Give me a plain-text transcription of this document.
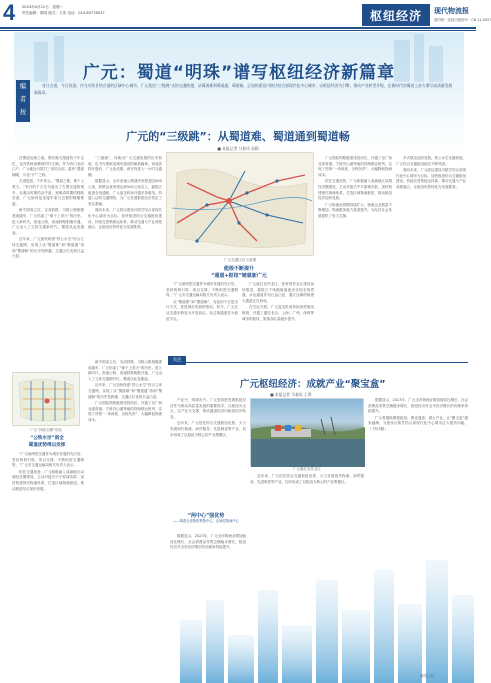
4 2024年4月21日　星期一
责任编辑：陈明 版式：王浩 电话：010-83778037	枢纽经济	现代物流报
国内统一连续出版物号：CN 11-0057
广元：蜀道“明珠”谱写枢纽经济新篇章
编
者
按
昔日古道，今日坦途。作为川陕甘结合部的区域中心城市，广元依托“三级跳”式的交通跨越，从蜀道难到蜀道通、蜀道畅，正加快建设川陕甘结合部现代化中心城市，以枢纽经济为引擎，推动产业转型升级，在新时代的蜀道上奋力谱写高质量发展新篇章。
广元的“三级跳”：从蜀道难、蜀道通到蜀道畅
■ 本报记者 马春风 孙颖

在蜀道沧桑之地，既有雄关漫道的千年记忆，也有铁轨纵横的时代交响。作为四川北向门户，广元地处川陕甘三省结合部，素有“蜀道咽喉、川北门户”之称。

古道悠悠，千年风云。“蜀道之难，难于上青天。”李白的千古名句道出了古蜀交通的艰辛。从秦汉时期的金牛道，到明清时期的驿路官道，广元始终是连接中原与巴蜀的咽喉要道。

新中国成立后，宝成铁路、川陕公路相继建成通车，广元结束了“难于上青天”的历史。进入新时代，高速公路、高速铁路相继开通，广元迈入了立体交通新时代，蜀道从此变通途。

近年来，广元加快构建“铁公水空”综合立体交通网，实现了从“蜀道难”到“蜀道通”再到“蜀道畅”的历史性跨越，交通区位优势日益凸显。

“三级跳”，勾勒出广元交通发展的历史轨迹，也书写着枢纽城市建设的崭新篇章。西成高铁开通后，广元至成都、西安均进入一小时交通圈。

数据显示，全市高速公路通车里程超过600公里，铁路运营里程达到500公里以上，嘉陵江航道全线通航，广元盘龙机场开通多条航线。四通八达的交通网络，为广元发展枢纽经济奠定了坚实基础。

面向未来，广元将以建设川陕甘结合部现代化中心城市为目标，加快推进综合交通枢纽建设，持续完善集疏运体系，推动交通与产业深度融合，让枢纽优势转化为发展胜势。

广元交通区位示意图
能级不断提升
“通道+枢纽”链就新广元

“广元始终把交通作为城市发展的先行官，坚持规划引领、项目支撑，不断织密交通网络。”广元市交通运输局相关负责人表示。

从“蜀道难”到“蜀道畅”，变化的不仅是出行方式，更是城市发展的格局。如今，广元正从交通末梢变为开放前沿，从过境通道变为枢纽节点。

广元港红岩作业区、张家坝作业区建设加快推进，嘉陵江千吨级航道逐步实现全线贯通，水运通道作用日益凸显，通江达海的物流大通道正在形成。

在空运方面，广元盘龙机场持续加密航线航班，开通了通往北京、上海、广州、深圳等城市的航线，旅客吞吐量稳步提升。

广元国际铁路港建成投用后，开通了至广西北部湾港、宁波舟山港等地的铁海联运班列，实现了货物“一单到底、全程负责”，大幅降低物流成本。

依托交通优势，广元积极融入成渝地区双城经济圈建设，主动对接关中平原城市群，加快构建现代物流体系，打造区域物流枢纽，推动枢纽经济加快发展。

广元物流业规模持续扩大，物流企业数量不断增加，物流服务能力显著提升，为经济社会发展提供了有力支撑。

多式联运加快发展，铁公水空无缝衔接，广元综合交通枢纽地位不断巩固。

面向未来，广元将以建设川陕甘结合部现代化中心城市为目标，加快推进综合交通枢纽建设，持续完善集疏运体系，推动交通与产业深度融合，让枢纽优势转化为发展胜势。

广元“四纵五横”布局
“公铁水空”俱全
蜀道优势得以发挥

“广元始终把交通作为城市发展的先行官，坚持规划引领、项目支撑，不断织密交通网络。”广元市交通运输局相关负责人表示。

依托交通优势，广元积极融入成渝地区双城经济圈建设，主动对接关中平原城市群，加快构建现代物流体系，打造区域物流枢纽，推动枢纽经济加快发展。

新中国成立后，宝成铁路、川陕公路相继建成通车，广元结束了“难于上青天”的历史。进入新时代，高速公路、高速铁路相继开通，广元迈入了立体交通新时代，蜀道从此变通途。

近年来，广元加快构建“铁公水空”综合立体交通网，实现了从“蜀道难”到“蜀道通”再到“蜀道畅”的历史性跨越，交通区位优势日益凸显。

广元国际铁路港建成投用后，开通了至广西北部湾港、宁波舟山港等地的铁海联运班列，实现了货物“一单到底、全程负责”，大幅降低物流成本。

关注
广元枢纽经济：成就产业“聚宝盒”
■ 本报记者 马春风 王琪

产业兴，则城市兴。广元坚持把发展枢纽经济作为推动高质量发展的重要抓手，以枢纽为支点，以产业为支撑，推动通道经济向枢纽经济转变。

近年来，广元依托综合交通枢纽优势，大力发展现代物流、商贸服务、先进制造等产业，初步形成了以枢纽为核心的产业集聚区。

广元港红岩作业区

数据显示，2023年，广元全市物流业增加值同比增长，社会消费品零售总额稳步增长，枢纽经济对全市经济增长的贡献率持续提升。

广元将继续做强枢纽、做优通道、做大产业，让“聚宝盒”越来越满，为建设川陕甘结合部现代化中心城市注入强劲动能。（下转3版）

近年来，广元依托综合交通枢纽优势，大力发展现代物流、商贸服务、先进制造等产业，初步形成了以枢纽为核心的产业集聚区。

“两中心”强优势
——构建全省物资集散中心、区域性物流中心

数据显示，2023年，广元全市物流业增加值同比增长，社会消费品零售总额稳步增长，枢纽经济对全市经济增长的贡献率持续提升。

制图/王虹
